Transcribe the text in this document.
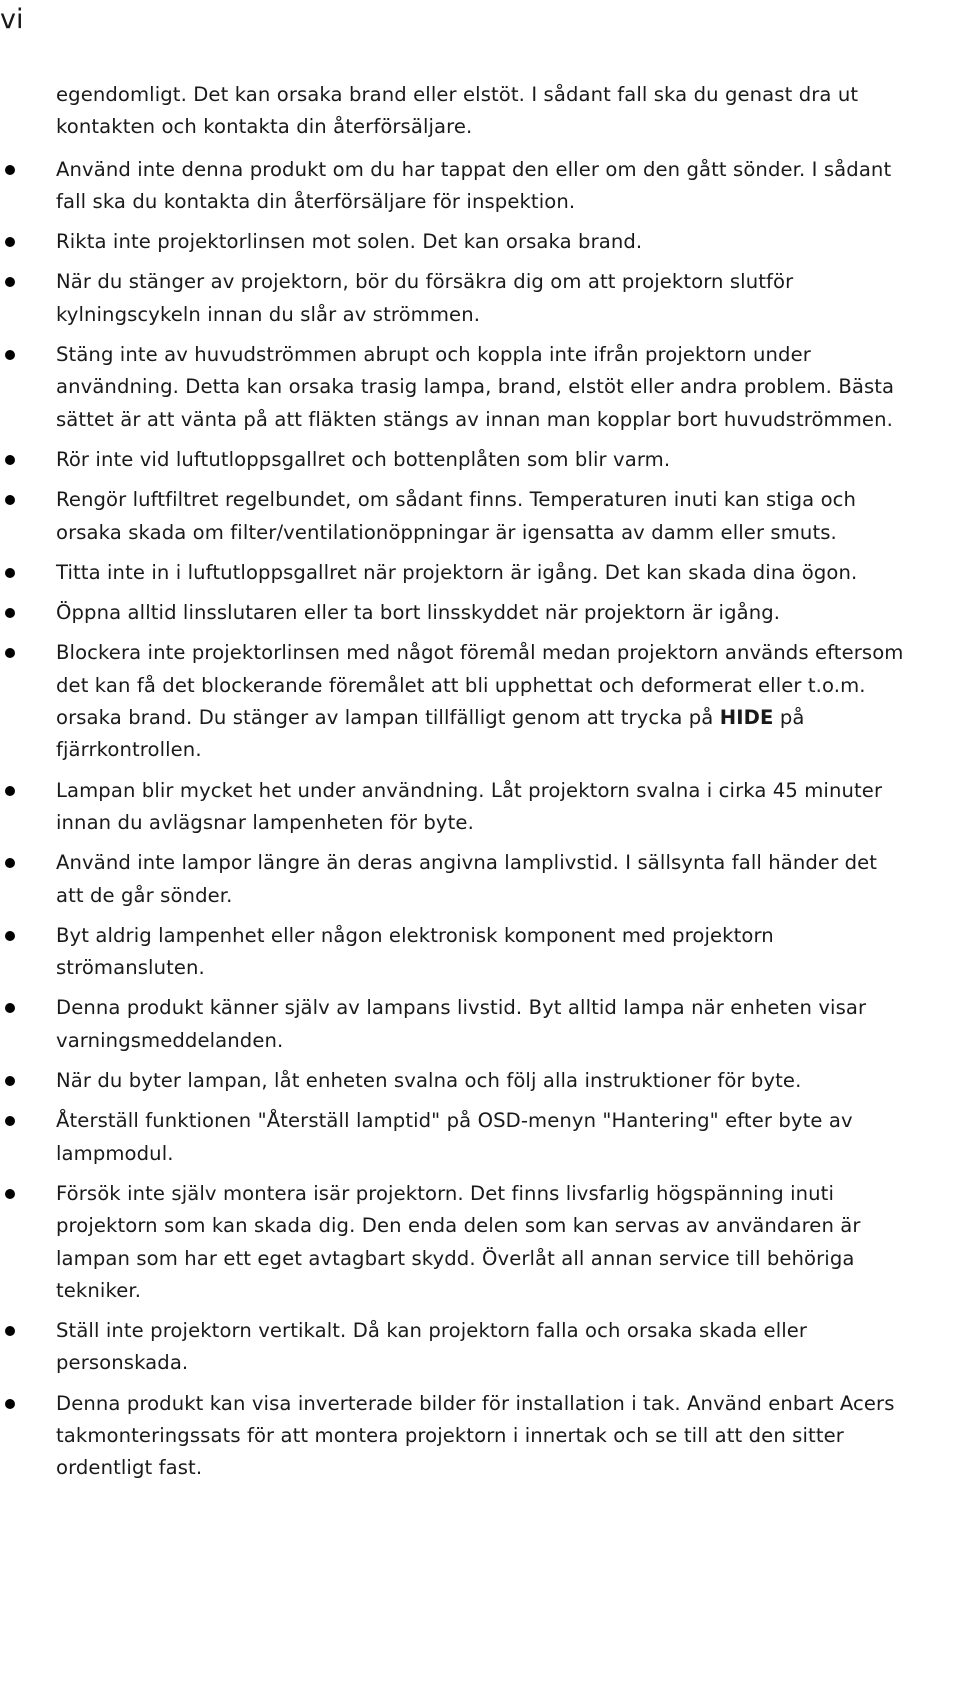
vi

egendomligt. Det kan orsaka brand eller elstöt. I sådant fall ska du genast dra ut kontakten och kontakta din återförsäljare.

Använd inte denna produkt om du har tappat den eller om den gått sönder. I sådant fall ska du kontakta din återförsäljare för inspektion.
Rikta inte projektorlinsen mot solen. Det kan orsaka brand.
När du stänger av projektorn, bör du försäkra dig om att projektorn slutför kylningscykeln innan du slår av strömmen.
Stäng inte av huvudströmmen abrupt och koppla inte ifrån projektorn under användning. Detta kan orsaka trasig lampa, brand, elstöt eller andra problem. Bästa sättet är att vänta på att fläkten stängs av innan man kopplar bort huvudströmmen.
Rör inte vid luftutloppsgallret och bottenplåten som blir varm.
Rengör luftfiltret regelbundet, om sådant finns. Temperaturen inuti kan stiga och orsaka skada om filter/ventilationöppningar är igensatta av damm eller smuts.
Titta inte in i luftutloppsgallret när projektorn är igång. Det kan skada dina ögon.
Öppna alltid linsslutaren eller ta bort linsskyddet när projektorn är igång.
Blockera inte projektorlinsen med något föremål medan projektorn används eftersom det kan få det blockerande föremålet att bli upphettat och deformerat eller t.o.m. orsaka brand. Du stänger av lampan tillfälligt genom att trycka på HIDE på fjärrkontrollen.
Lampan blir mycket het under användning. Låt projektorn svalna i cirka 45 minuter innan du avlägsnar lampenheten för byte.
Använd inte lampor längre än deras angivna lamplivstid. I sällsynta fall händer det att de går sönder.
Byt aldrig lampenhet eller någon elektronisk komponent med projektorn strömansluten.
Denna produkt känner själv av lampans livstid. Byt alltid lampa när enheten visar varningsmeddelanden.
När du byter lampan, låt enheten svalna och följ alla instruktioner för byte.
Återställ funktionen "Återställ lamptid" på OSD-menyn "Hantering" efter byte av lampmodul.
Försök inte själv montera isär projektorn. Det finns livsfarlig högspänning inuti projektorn som kan skada dig. Den enda delen som kan servas av användaren är lampan som har ett eget avtagbart skydd. Överlåt all annan service till behöriga tekniker.
Ställ inte projektorn vertikalt. Då kan projektorn falla och orsaka skada eller personskada.
Denna produkt kan visa inverterade bilder för installation i tak. Använd enbart Acers takmonteringssats för att montera projektorn i innertak och se till att den sitter ordentligt fast.
